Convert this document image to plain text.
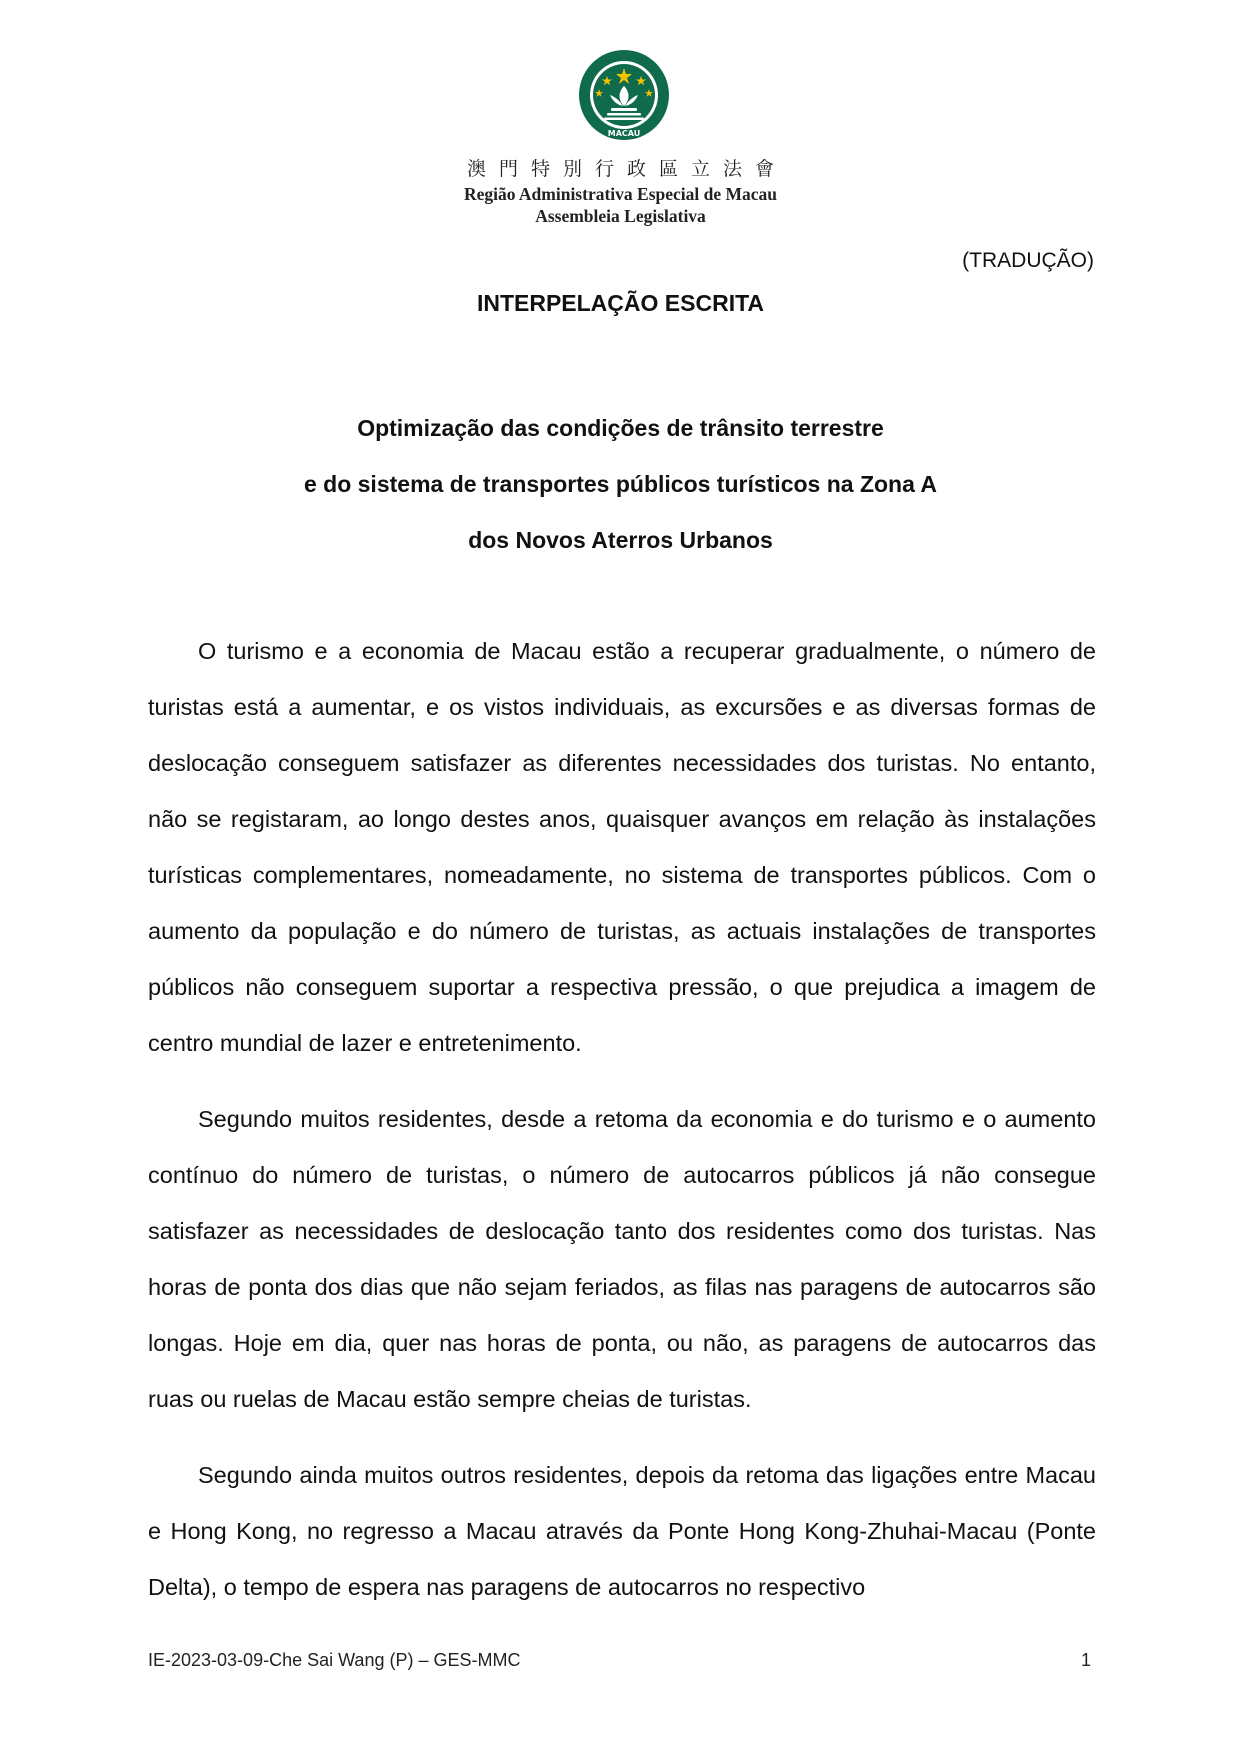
MACAU
澳門特別行政區立法會
Região Administrativa Especial de Macau
Assembleia Legislativa
(TRADUÇÃO)
INTERPELAÇÃO ESCRITA
Optimização das condições de trânsito terrestre
e do sistema de transportes públicos turísticos na Zona A
dos Novos Aterros Urbanos

O turismo e a economia de Macau estão a recuperar gradualmente, o número de turistas está a aumentar, e os vistos individuais, as excursões e as diversas formas de deslocação conseguem satisfazer as diferentes necessidades dos turistas. No entanto, não se registaram, ao longo destes anos, quaisquer avanços em relação às instalações turísticas complementares, nomeadamente, no sistema de transportes públicos. Com o aumento da população e do número de turistas, as actuais instalações de transportes públicos não conseguem suportar a respectiva pressão, o que prejudica a imagem de centro mundial de lazer e entretenimento.

Segundo muitos residentes, desde a retoma da economia e do turismo e o aumento contínuo do número de turistas, o número de autocarros públicos já não consegue satisfazer as necessidades de deslocação tanto dos residentes como dos turistas. Nas horas de ponta dos dias que não sejam feriados, as filas nas paragens de autocarros são longas. Hoje em dia, quer nas horas de ponta, ou não, as paragens de autocarros das ruas ou ruelas de Macau estão sempre cheias de turistas.

Segundo ainda muitos outros residentes, depois da retoma das ligações entre Macau e Hong Kong, no regresso a Macau através da Ponte Hong Kong-Zhuhai-Macau (Ponte Delta), o tempo de espera nas paragens de autocarros no respectivo

IE-2023-03-09-Che Sai Wang (P) – GES-MMC	1
